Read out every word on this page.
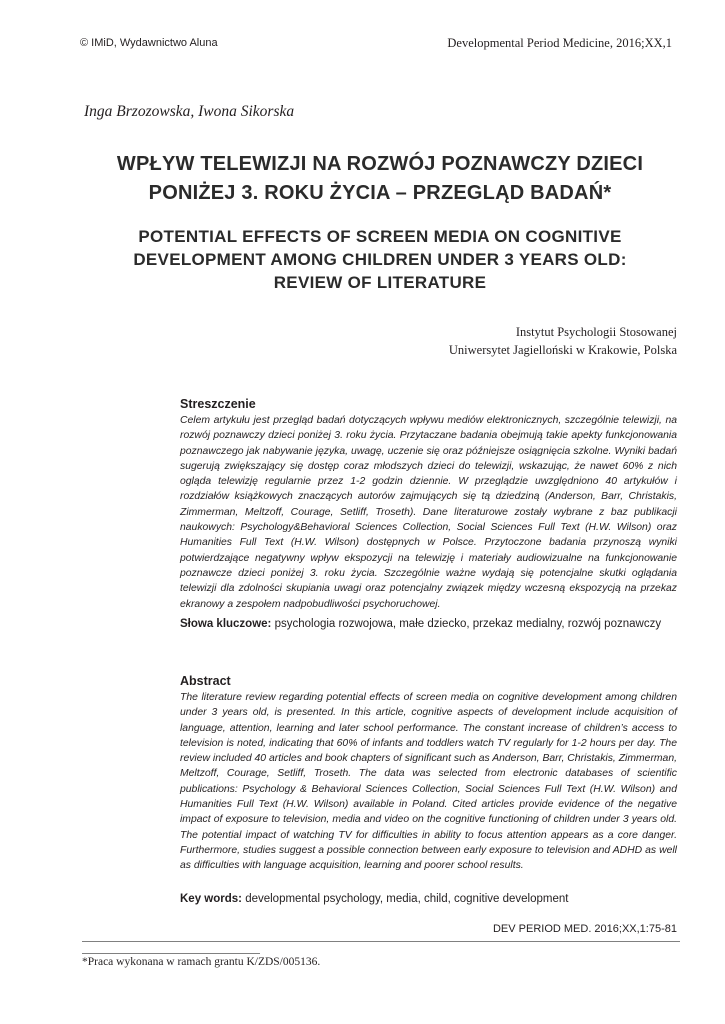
© IMiD, Wydawnictwo Aluna	Developmental Period Medicine, 2016;XX,1
Inga Brzozowska, Iwona Sikorska
WPŁYW TELEWIZJI NA ROZWÓJ POZNAWCZY DZIECI
PONIŻEJ 3. ROKU ŻYCIA – PRZEGLĄD BADAŃ*
POTENTIAL EFFECTS OF SCREEN MEDIA ON COGNITIVE
DEVELOPMENT AMONG CHILDREN UNDER 3 YEARS OLD:
REVIEW OF LITERATURE
Instytut Psychologii Stosowanej
Uniwersytet Jagielloński w Krakowie, Polska
Streszczenie

Celem artykułu jest przegląd badań dotyczących wpływu mediów elektronicznych, szczególnie telewizji, na rozwój poznawczy dzieci poniżej 3. roku życia. Przytaczane badania obejmują takie apekty funkcjonowania poznawczego jak nabywanie języka, uwagę, uczenie się oraz późniejsze osiągnięcia szkolne. Wyniki badań sugerują zwiększający się dostęp coraz młodszych dzieci do telewizji, wskazując, że nawet 60% z nich ogląda telewizję regularnie przez 1-2 godzin dziennie. W przeglądzie uwzględniono 40 artykułów i rozdziałów książkowych znaczących autorów zajmujących się tą dziedziną (Anderson, Barr, Christakis, Zimmerman, Meltzoff, Courage, Setliff, Troseth). Dane literaturowe zostały wybrane z baz publikacji naukowych: Psychology&Behavioral Sciences Collection, Social Sciences Full Text (H.W. Wilson) oraz Humanities Full Text (H.W. Wilson) dostępnych w Polsce. Przytoczone badania przynoszą wyniki potwierdzające negatywny wpływ ekspozycji na telewizję i materiały audiowizualne na funkcjonowanie poznawcze dzieci poniżej 3. roku życia. Szczególnie ważne wydają się potencjalne skutki oglądania telewizji dla zdolności skupiania uwagi oraz potencjalny związek między wczesną ekspozycją na przekaz ekranowy a zespołem nadpobudliwości psychoruchowej.

Słowa kluczowe: psychologia rozwojowa, małe dziecko, przekaz medialny, rozwój poznawczy
Abstract

The literature review regarding potential effects of screen media on cognitive development among children under 3 years old, is presented. In this article, cognitive aspects of development include acquisition of language, attention, learning and later school performance. The constant increase of children’s access to television is noted, indicating that 60% of infants and toddlers watch TV regularly for 1-2 hours per day. The review included 40 articles and book chapters of significant such as Anderson, Barr, Christakis, Zimmerman, Meltzoff, Courage, Setliff, Troseth. The data was selected from electronic databases of scientific publications: Psychology & Behavioral Sciences Collection, Social Sciences Full Text (H.W. Wilson) and Humanities Full Text (H.W. Wilson) available in Poland. Cited articles provide evidence of the negative impact of exposure to television, media and video on the cognitive functioning of children under 3 years old. The potential impact of watching TV for difficulties in ability to focus attention appears as a core danger. Furthermore, studies suggest a possible connection between early exposure to television and ADHD as well as difficulties with language acquisition, learning and poorer school results.

Key words: developmental psychology, media, child, cognitive development
DEV PERIOD MED. 2016;XX,1:75-81
*Praca wykonana w ramach grantu K/ZDS/005136.
